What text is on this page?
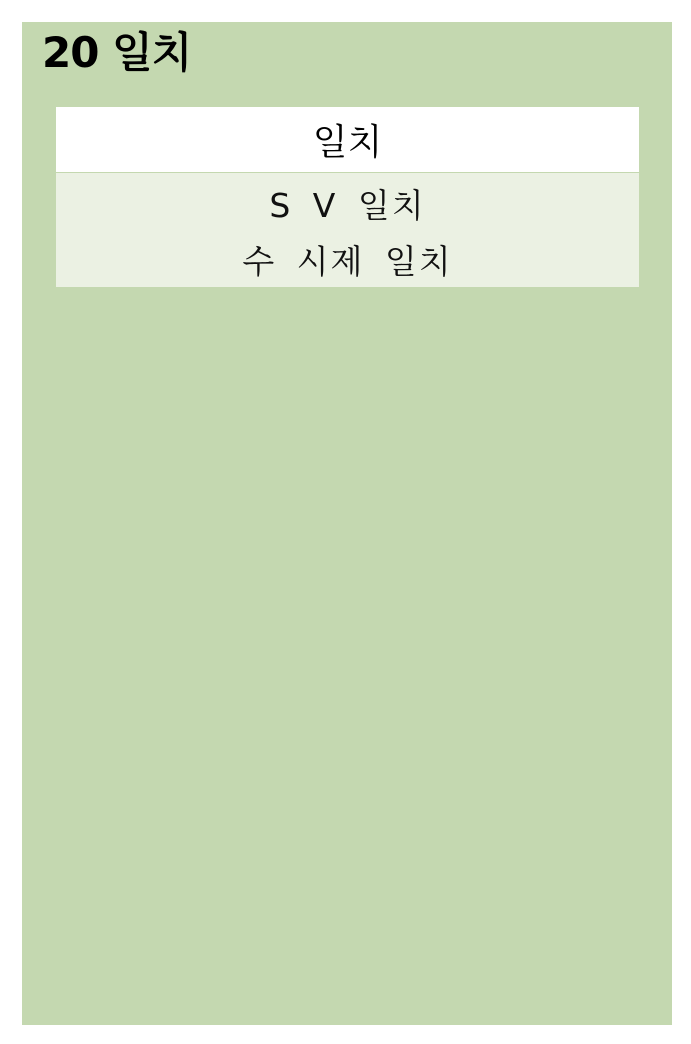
20 일치
일치
S V 일치
수 시제 일치
